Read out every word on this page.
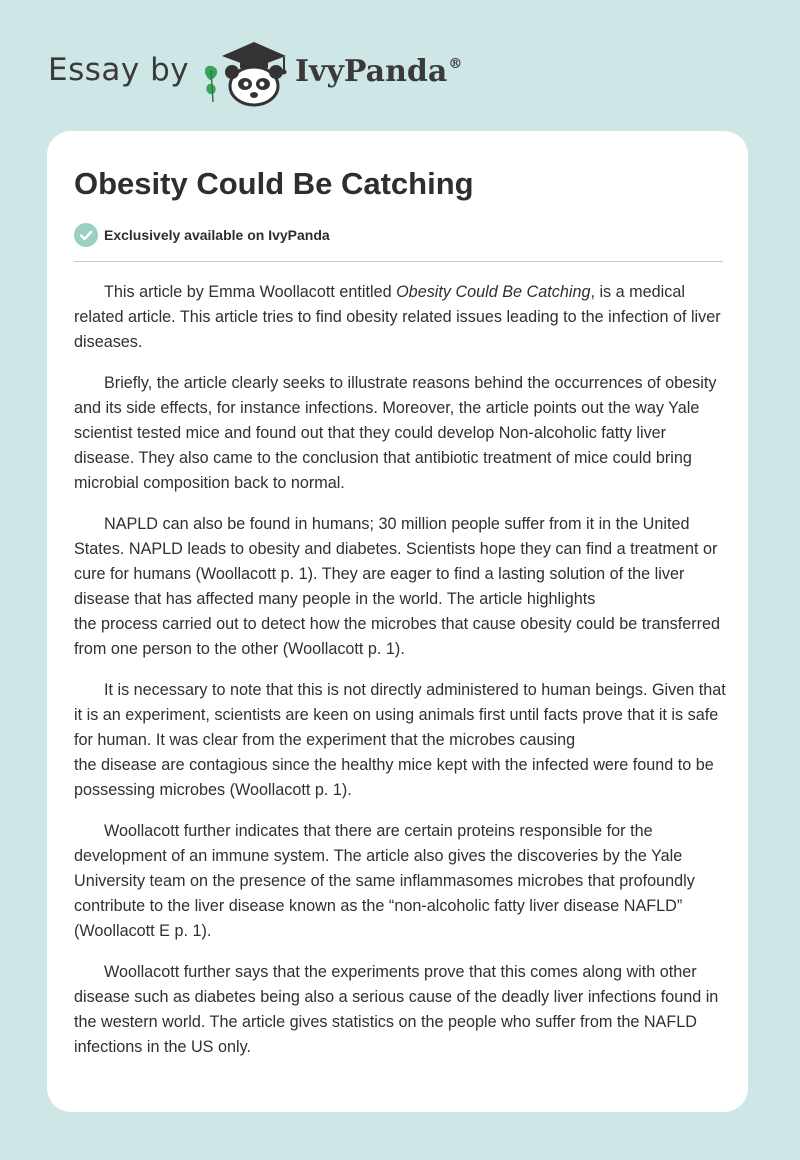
Essay by	IvyPanda®
Obesity Could Be Catching
Exclusively available on IvyPanda

This article by Emma Woollacott entitled Obesity Could Be Catching, is a medical related article. This article tries to find obesity related issues leading to the infection of liver diseases.

Briefly, the article clearly seeks to illustrate reasons behind the occurrences of obesity and its side effects, for instance infections. Moreover, the article points out the way Yale scientist tested mice and found out that they could develop Non-alcoholic fatty liver disease. They also came to the conclusion that antibiotic treatment of mice could bring microbial composition back to normal.

NAPLD can also be found in humans; 30 million people suffer from it in the United States. NAPLD leads to obesity and diabetes. Scientists hope they can find a treatment or cure for humans (Woollacott p. 1). They are eager to find a lasting solution of the liver disease that has affected many people in the world. The article highlights
the process carried out to detect how the microbes that cause obesity could be transferred from one person to the other (Woollacott p. 1).

It is necessary to note that this is not directly administered to human beings. Given that it is an experiment, scientists are keen on using animals first until facts prove that it is safe for human. It was clear from the experiment that the microbes causing
the disease are contagious since the healthy mice kept with the infected were found to be possessing microbes (Woollacott p. 1).

Woollacott further indicates that there are certain proteins responsible for the development of an immune system. The article also gives the discoveries by the Yale University team on the presence of the same inflammasomes microbes that profoundly contribute to the liver disease known as the “non-alcoholic fatty liver disease NAFLD” (Woollacott E p. 1).

Woollacott further says that the experiments prove that this comes along with other disease such as diabetes being also a serious cause of the deadly liver infections found in the western world. The article gives statistics on the people who suffer from the NAFLD infections in the US only.
